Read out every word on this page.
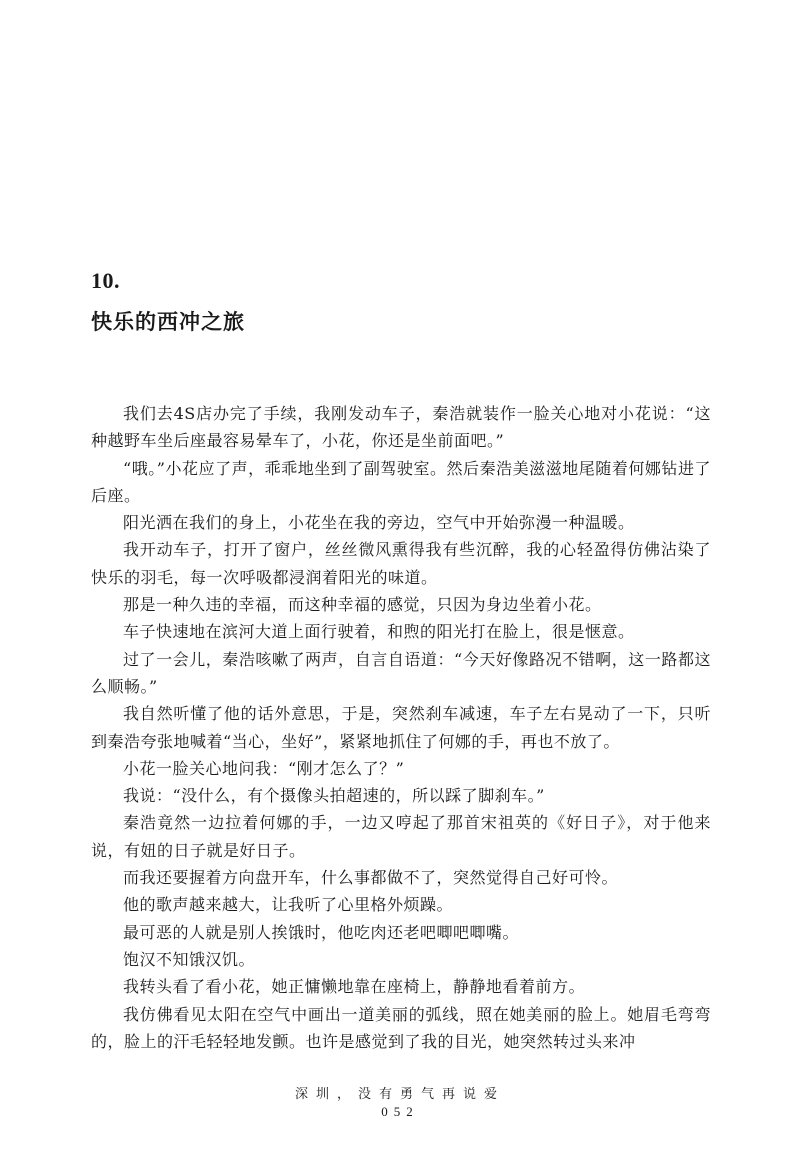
10.
快乐的西冲之旅

我们去4S店办完了手续，我刚发动车子，秦浩就装作一脸关心地对小花说：“这种越野车坐后座最容易晕车了，小花，你还是坐前面吧。”

“哦。”小花应了声，乖乖地坐到了副驾驶室。然后秦浩美滋滋地尾随着何娜钻进了后座。

阳光洒在我们的身上，小花坐在我的旁边，空气中开始弥漫一种温暖。

我开动车子，打开了窗户，丝丝微风熏得我有些沉醉，我的心轻盈得仿佛沾染了快乐的羽毛，每一次呼吸都浸润着阳光的味道。

那是一种久违的幸福，而这种幸福的感觉，只因为身边坐着小花。

车子快速地在滨河大道上面行驶着，和煦的阳光打在脸上，很是惬意。

过了一会儿，秦浩咳嗽了两声，自言自语道：“今天好像路况不错啊，这一路都这么顺畅。”

我自然听懂了他的话外意思，于是，突然刹车减速，车子左右晃动了一下，只听到秦浩夸张地喊着“当心，坐好”，紧紧地抓住了何娜的手，再也不放了。

小花一脸关心地问我：“刚才怎么了？”

我说：“没什么，有个摄像头拍超速的，所以踩了脚刹车。”

秦浩竟然一边拉着何娜的手，一边又哼起了那首宋祖英的《好日子》，对于他来说，有妞的日子就是好日子。

而我还要握着方向盘开车，什么事都做不了，突然觉得自己好可怜。

他的歌声越来越大，让我听了心里格外烦躁。

最可恶的人就是别人挨饿时，他吃肉还老吧唧吧唧嘴。

饱汉不知饿汉饥。

我转头看了看小花，她正慵懒地靠在座椅上，静静地看着前方。

我仿佛看见太阳在空气中画出一道美丽的弧线，照在她美丽的脸上。她眉毛弯弯的，脸上的汗毛轻轻地发颤。也许是感觉到了我的目光，她突然转过头来冲

深圳，没有勇气再说爱
052
